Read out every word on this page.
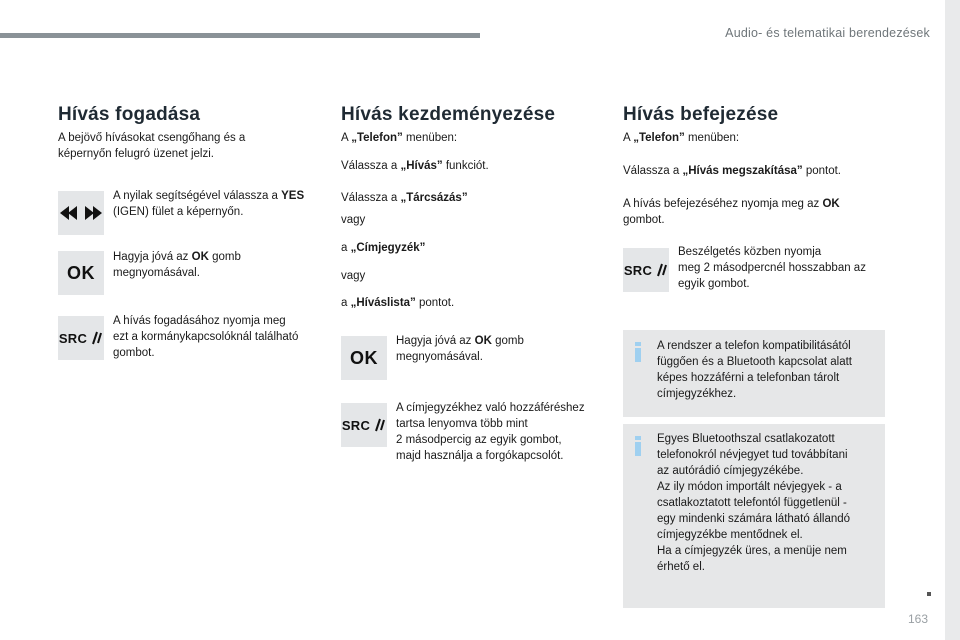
Audio- és telematikai berendezések
Hívás fogadása
A bejövő hívásokat csengőhang és a
képernyőn felugró üzenet jelzi.
A nyilak segítségével válassza a YES
(IGEN) fület a képernyőn.
OK
Hagyja jóvá az OK gomb
megnyomásával.
SRC
A hívás fogadásához nyomja meg
ezt a kormánykapcsolóknál található
gombot.
Hívás kezdeményezése
A „Telefon” menüben:
Válassza a „Hívás” funkciót.
Válassza a „Tárcsázás”
vagy
a „Címjegyzék”
vagy
a „Híváslista” pontot.
OK
Hagyja jóvá az OK gomb
megnyomásával.
SRC
A címjegyzékhez való hozzáféréshez
tartsa lenyomva több mint
2 másodpercig az egyik gombot,
majd használja a forgókapcsolót.
Hívás befejezése
A „Telefon” menüben:
Válassza a „Hívás megszakítása” pontot.
A hívás befejezéséhez nyomja meg az OK
gombot.
SRC
Beszélgetés közben nyomja
meg 2 másodpercnél hosszabban az
egyik gombot.
A rendszer a telefon kompatibilitásától
függően és a Bluetooth kapcsolat alatt
képes hozzáférni a telefonban tárolt
címjegyzékhez.
Egyes Bluetoothszal csatlakozatott
telefonokról névjegyet tud továbbítani
az autórádió címjegyzékébe.
Az ily módon importált névjegyek - a
csatlakoztatott telefontól függetlenül -
egy mindenki számára látható állandó
címjegyzékbe mentődnek el.
Ha a címjegyzék üres, a menüje nem
érhető el.
163
